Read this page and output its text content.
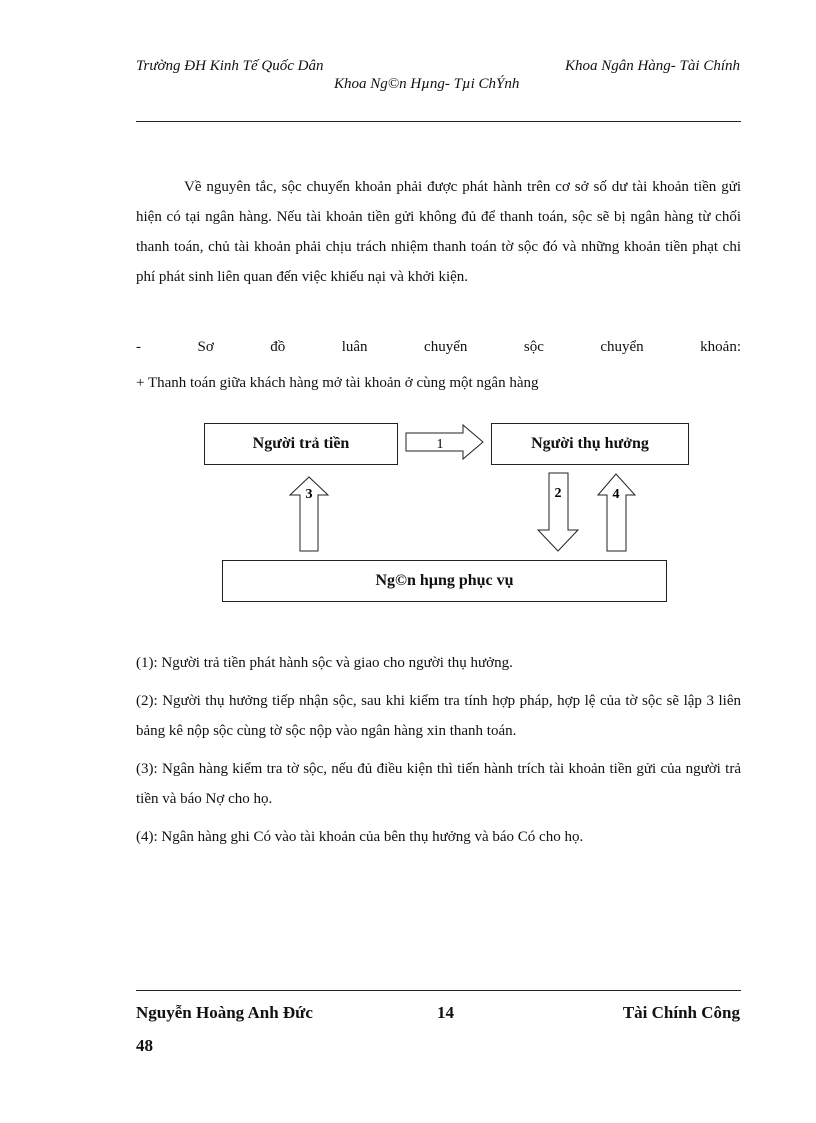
Trường ĐH Kinh Tế Quốc Dân	Khoa Ngân Hàng- Tài Chính
Khoa Ng©n Hµng- Tµi ChÝnh
Về nguyên tắc, sộc chuyển khoản phải được phát hành trên cơ sở số dư tài khoản tiền gửi hiện có tại ngân hàng. Nếu tài khoản tiền gửi không đủ để thanh toán, sộc sẽ bị ngân hàng từ chối thanh toán, chủ tài khoản phải chịu trách nhiệm thanh toán tờ sộc đó và những khoản tiền phạt chi phí phát sinh liên quan đến việc khiếu nại và khởi kiện.
-	Sơ	đồ	luân	chuyển	sộc	chuyển	khoản:
+ Thanh toán giữa khách hàng mở tài khoản ở cùng một ngân hàng
1
2
3	4
Người trả tiền	Người thụ hưởng
Ng©n hµng phục vụ
(1): Người trả tiền phát hành sộc và giao cho người thụ hưởng.
(2): Người thụ hưởng tiếp nhận sộc, sau khi kiểm tra tính hợp pháp, hợp lệ của tờ sộc sẽ lập 3 liên bảng kê nộp sộc cùng tờ sộc nộp vào ngân hàng xin thanh toán.
(3): Ngân hàng kiểm tra tờ sộc, nếu đủ điều kiện thì tiến hành trích tài khoản tiền gửi của người trả tiền và báo Nợ cho họ.
(4): Ngân hàng ghi Có vào tài khoản của bên thụ hưởng và báo Có cho họ.
Nguyễn Hoàng Anh Đức	14	Tài Chính Công
48
